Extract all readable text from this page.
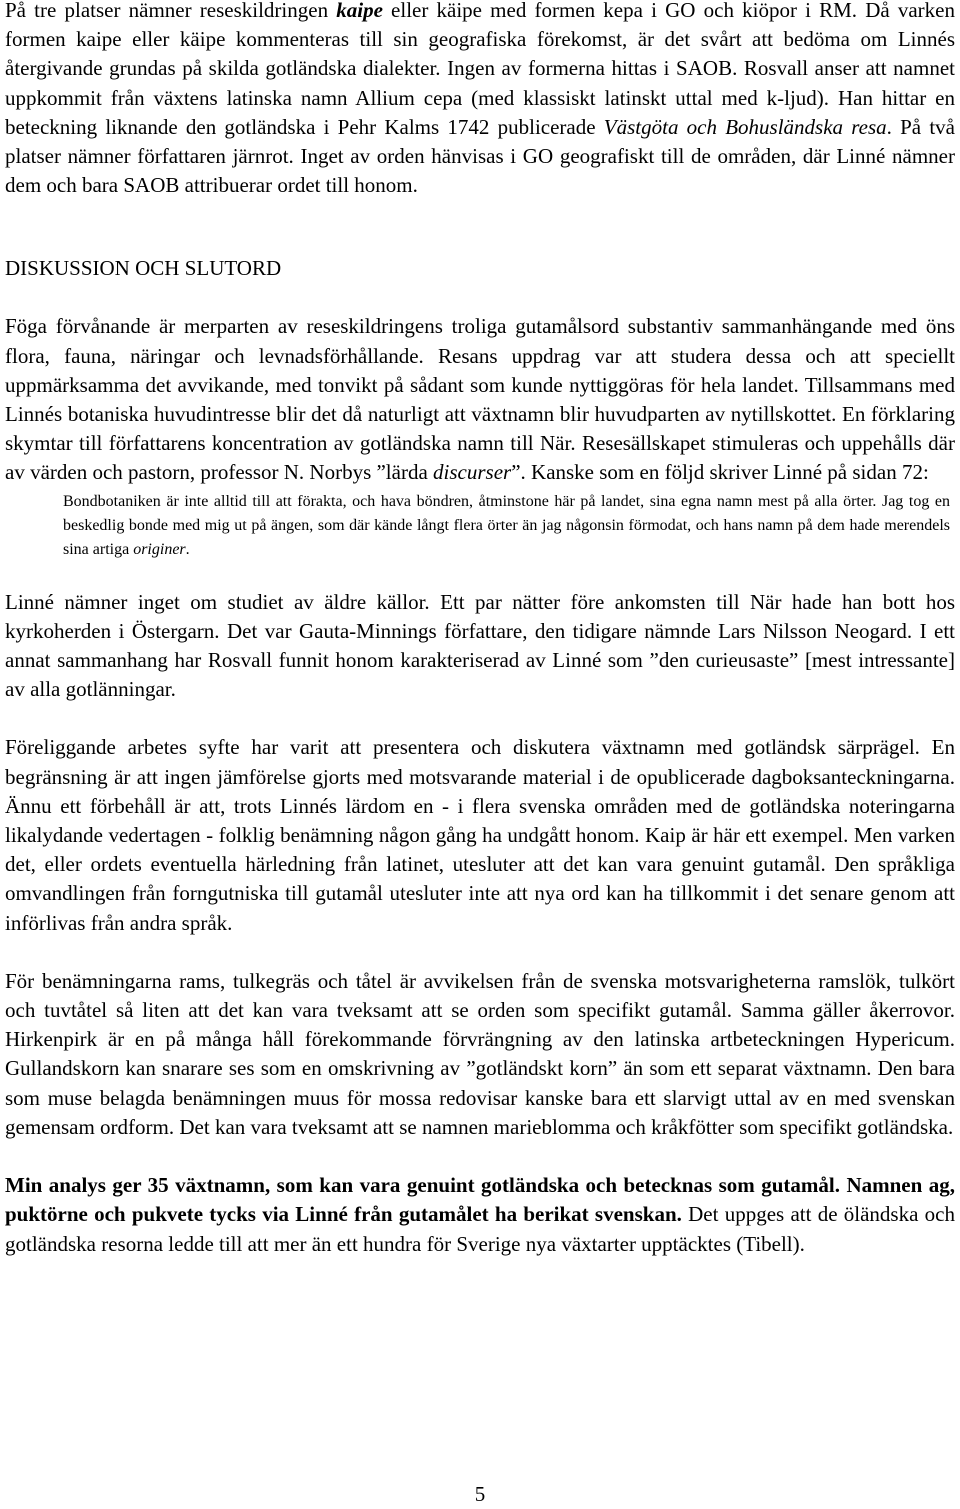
På tre platser nämner reseskildringen kaipe eller käipe med formen kepa i GO och kiöpor i RM. Då varken formen kaipe eller käipe kommenteras till sin geografiska förekomst, är det svårt att bedöma om Linnés återgivande grundas på skilda gotländska dialekter. Ingen av formerna hittas i SAOB. Rosvall anser att namnet uppkommit från växtens latinska namn Allium cepa (med klassiskt latinskt uttal med k-ljud). Han hittar en beteckning liknande den gotländska i Pehr Kalms 1742 publicerade Västgöta och Bohusländska resa. På två platser nämner författaren järnrot. Inget av orden hänvisas i GO geografiskt till de områden, där Linné nämner dem och bara SAOB attribuerar ordet till honom.

DISKUSSION OCH SLUTORD

Föga förvånande är merparten av reseskildringens troliga gutamålsord substantiv sammanhängande med öns flora, fauna, näringar och levnadsförhållande. Resans uppdrag var att studera dessa och att speciellt uppmärksamma det avvikande, med tonvikt på sådant som kunde nyttiggöras för hela landet. Tillsammans med Linnés botaniska huvudintresse blir det då naturligt att växtnamn blir huvudparten av nytillskottet. En förklaring skymtar till författarens koncentration av gotländska namn till När. Resesällskapet stimuleras och uppehålls där av värden och pastorn, professor N. Norbys ”lärda discurser”. Kanske som en följd skriver Linné på sidan 72:

Bondbotaniken är inte alltid till att förakta, och hava böndren, åtminstone här på landet, sina egna namn mest på alla örter. Jag tog en beskedlig bonde med mig ut på ängen, som där kände långt flera örter än jag någonsin förmodat, och hans namn på dem hade merendels sina artiga originer.

Linné nämner inget om studiet av äldre källor. Ett par nätter före ankomsten till När hade han bott hos kyrkoherden i Östergarn. Det var Gauta-Minnings författare, den tidigare nämnde Lars Nilsson Neogard. I ett annat sammanhang har Rosvall funnit honom karakteriserad av Linné som ”den curieusaste” [mest intressante] av alla gotlänningar.

Föreliggande arbetes syfte har varit att presentera och diskutera växtnamn med gotländsk särprägel. En begränsning är att ingen jämförelse gjorts med motsvarande material i de opublicerade dagboksanteckningarna. Ännu ett förbehåll är att, trots Linnés lärdom en - i flera svenska områden med de gotländska noteringarna likalydande vedertagen - folklig benämning någon gång ha undgått honom. Kaip är här ett exempel. Men varken det, eller ordets eventuella härledning från latinet, utesluter att det kan vara genuint gutamål. Den språkliga omvandlingen från forngutniska till gutamål utesluter inte att nya ord kan ha tillkommit i det senare genom att införlivas från andra språk.

För benämningarna rams, tulkegräs och tåtel är avvikelsen från de svenska motsvarigheterna ramslök, tulkört och tuvtåtel så liten att det kan vara tveksamt att se orden som specifikt gutamål. Samma gäller åkerrovor. Hirkenpirk är en på många håll förekommande förvrängning av den latinska artbeteckningen Hypericum. Gullandskorn kan snarare ses som en omskrivning av ”gotländskt korn” än som ett separat växtnamn. Den bara som muse belagda benämningen muus för mossa redovisar kanske bara ett slarvigt uttal av en med svenskan gemensam ordform. Det kan vara tveksamt att se namnen marieblomma och kråkfötter som specifikt gotländska.

Min analys ger 35 växtnamn, som kan vara genuint gotländska och betecknas som gutamål. Namnen ag, puktörne och pukvete tycks via Linné från gutamålet ha berikat svenskan. Det uppges att de öländska och gotländska resorna ledde till att mer än ett hundra för Sverige nya växtarter upptäcktes (Tibell).

5
